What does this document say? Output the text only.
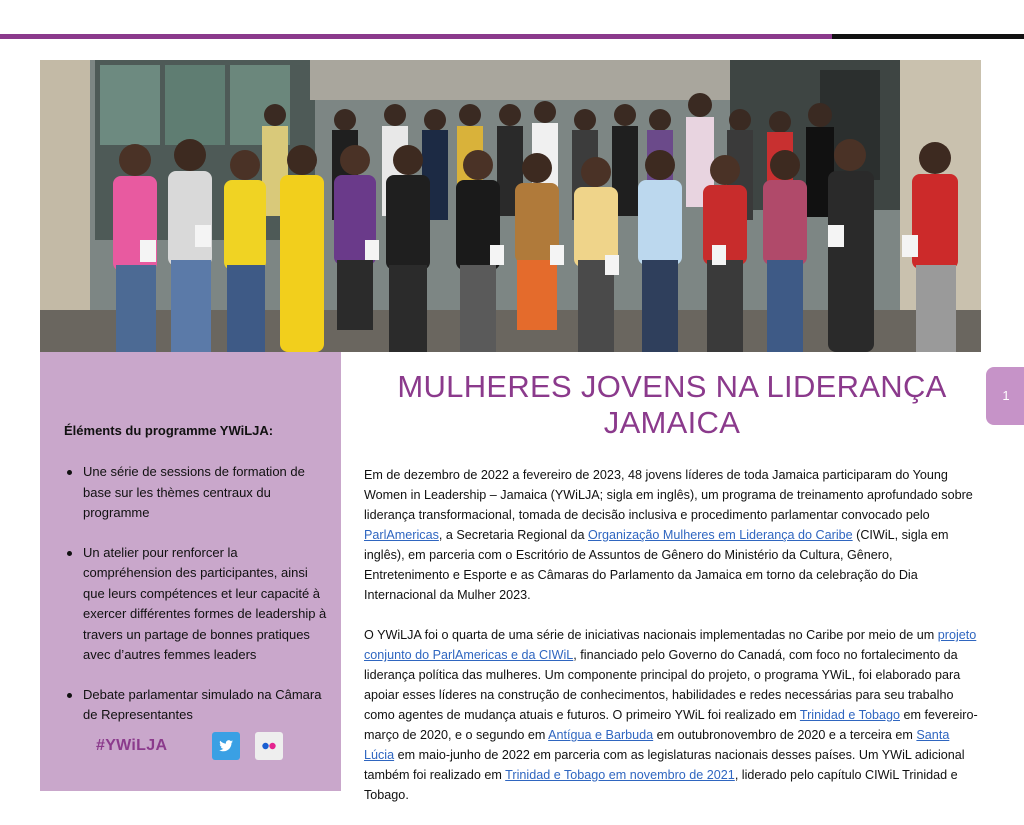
Éléments du programme YWiLJA:
Une série de sessions de formation de base sur les thèmes centraux du programme
Un atelier pour renforcer la compréhension des participantes, ainsi que leurs compétences et leur capacité à exercer différentes formes de leadership à travers un partage de bonnes pratiques avec d’autres femmes leaders
Debate parlamentar simulado na Câmara de Representantes
#YWiLJA
1
MULHERES JOVENS NA LIDERANÇA JAMAICA

Em de dezembro de 2022 a fevereiro de 2023, 48 jovens líderes de toda Jamaica participaram do Young Women in Leadership – Jamaica (YWiLJA; sigla em inglês), um programa de treinamento aprofundado sobre liderança transformacional, tomada de decisão inclusiva e procedimento parlamentar convocado pelo ParlAmericas, a Secretaria Regional da Organização Mulheres em Liderança do Caribe (CIWiL, sigla em inglês), em parceria com o Escritório de Assuntos de Gênero do Ministério da Cultura, Gênero, Entretenimento e Esporte e as Câmaras do Parlamento da Jamaica em torno da celebração do Dia Internacional da Mulher 2023.

O YWiLJA foi o quarta de uma série de iniciativas nacionais implementadas no Caribe por meio de um projeto conjunto do ParlAmericas e da CIWiL, financiado pelo Governo do Canadá, com foco no fortalecimento da liderança política das mulheres. Um componente principal do projeto, o programa YWiL, foi elaborado para apoiar esses líderes na construção de conhecimentos, habilidades e redes necessárias para seu trabalho como agentes de mudança atuais e futuros. O primeiro YWiL foi realizado em Trinidad e Tobago em fevereiro-março de 2020, e o segundo em Antígua e Barbuda em outubronovembro de 2020 e a terceira em Santa Lúcia em maio-junho de 2022 em parceria com as legislaturas nacionais desses países. Um YWiL adicional também foi realizado em Trinidad e Tobago em novembro de 2021, liderado pelo capítulo CIWiL Trinidad e Tobago.
